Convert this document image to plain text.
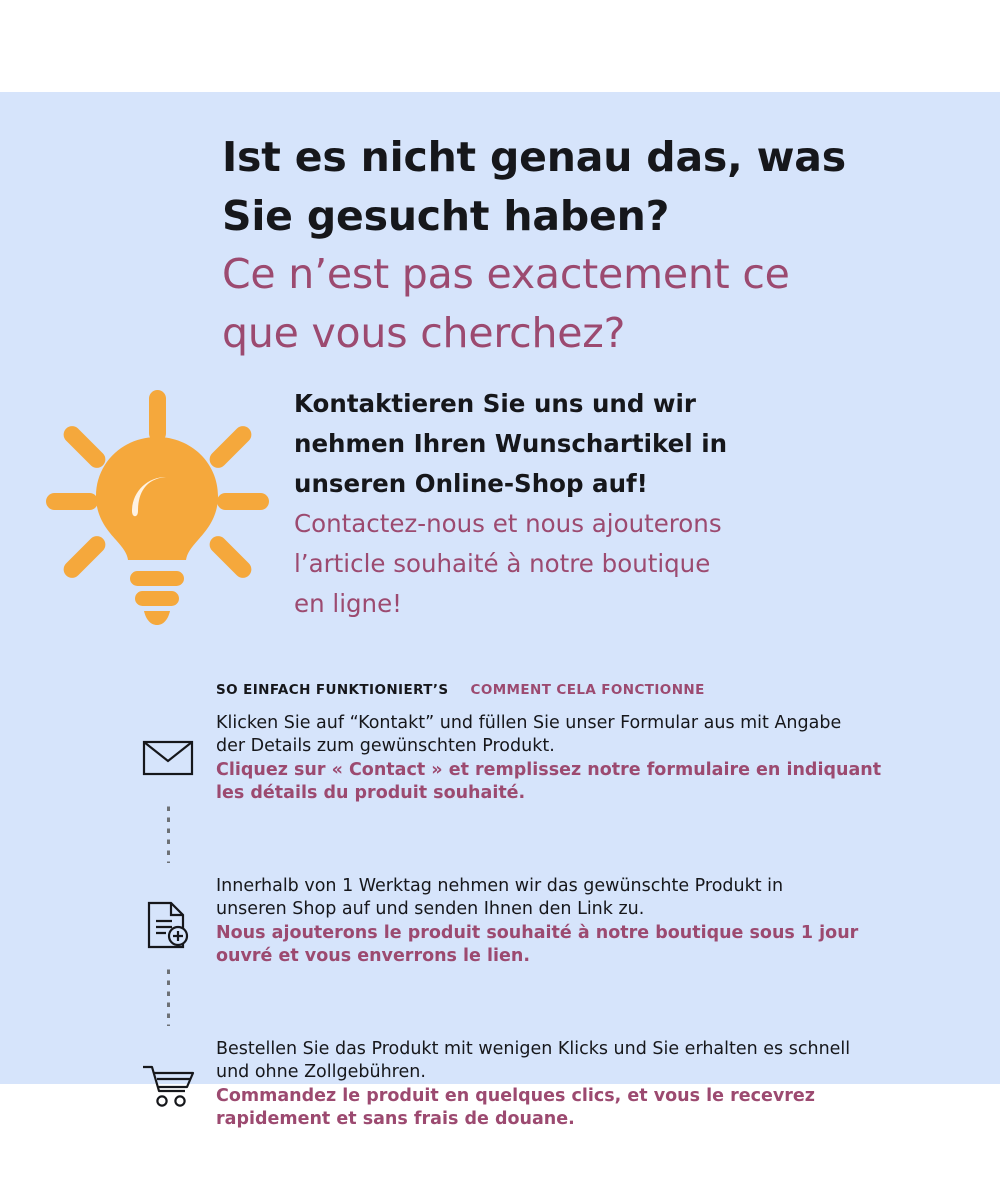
Ist es nicht genau das, was
Sie gesucht haben?
Ce n’est pas exactement ce
que vous cherchez?
Kontaktieren Sie uns und wir
nehmen Ihren Wunschartikel in
unseren Online-Shop auf!
Contactez-nous et nous ajouterons
l’article souhaité à notre boutique
en ligne!
SO EINFACH FUNKTIONIERT’S COMMENT CELA FONCTIONNE
Klicken Sie auf “Kontakt” und füllen Sie unser Formular aus mit Angabe
der Details zum gewünschten Produkt.
Cliquez sur « Contact » et remplissez notre formulaire en indiquant
les détails du produit souhaité.
Innerhalb von 1 Werktag nehmen wir das gewünschte Produkt in
unseren Shop auf und senden Ihnen den Link zu.
Nous ajouterons le produit souhaité à notre boutique sous 1 jour
ouvré et vous enverrons le lien.
Bestellen Sie das Produkt mit wenigen Klicks und Sie erhalten es schnell
und ohne Zollgebühren.
Commandez le produit en quelques clics, et vous le recevrez
rapidement et sans frais de douane.
